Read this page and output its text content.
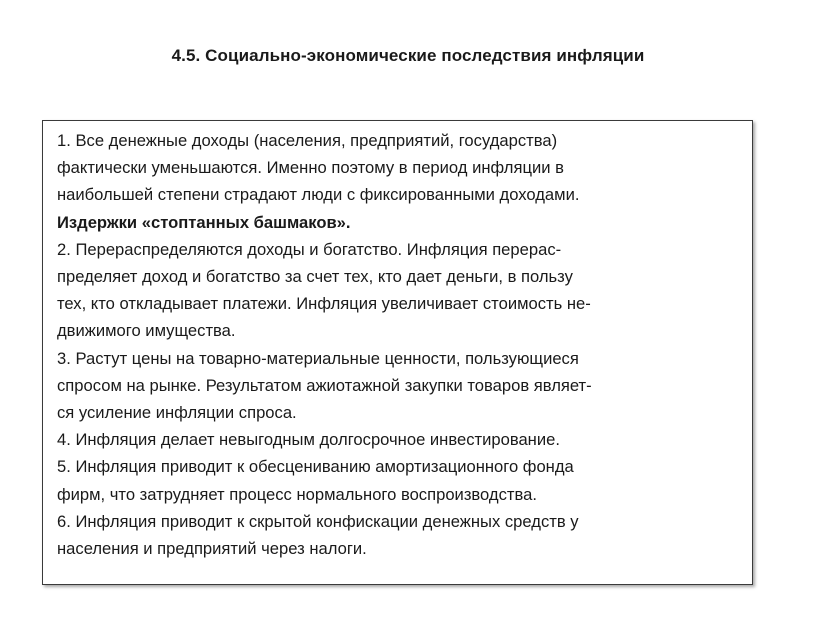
4.5. Социально-экономические последствия инфляции
1. Все денежные доходы (населения, предприятий, государства)
фактически уменьшаются. Именно поэтому в период инфляции в
наибольшей степени страдают люди с фиксированными доходами.
Издержки «стоптанных башмаков».
2. Перераспределяются доходы и богатство. Инфляция перерас-
пределяет доход и богатство за счет тех, кто дает деньги, в пользу
тех, кто откладывает платежи. Инфляция увеличивает стоимость не-
движимого имущества.
3. Растут цены на товарно-материальные ценности, пользующиеся
спросом на рынке. Результатом ажиотажной закупки товаров являет-
ся усиление инфляции спроса.
4. Инфляция делает невыгодным долгосрочное инвестирование.
5. Инфляция приводит к обесцениванию амортизационного фонда
фирм, что затрудняет процесс нормального воспроизводства.
6. Инфляция приводит к скрытой конфискации денежных средств у
населения и предприятий через налоги.
